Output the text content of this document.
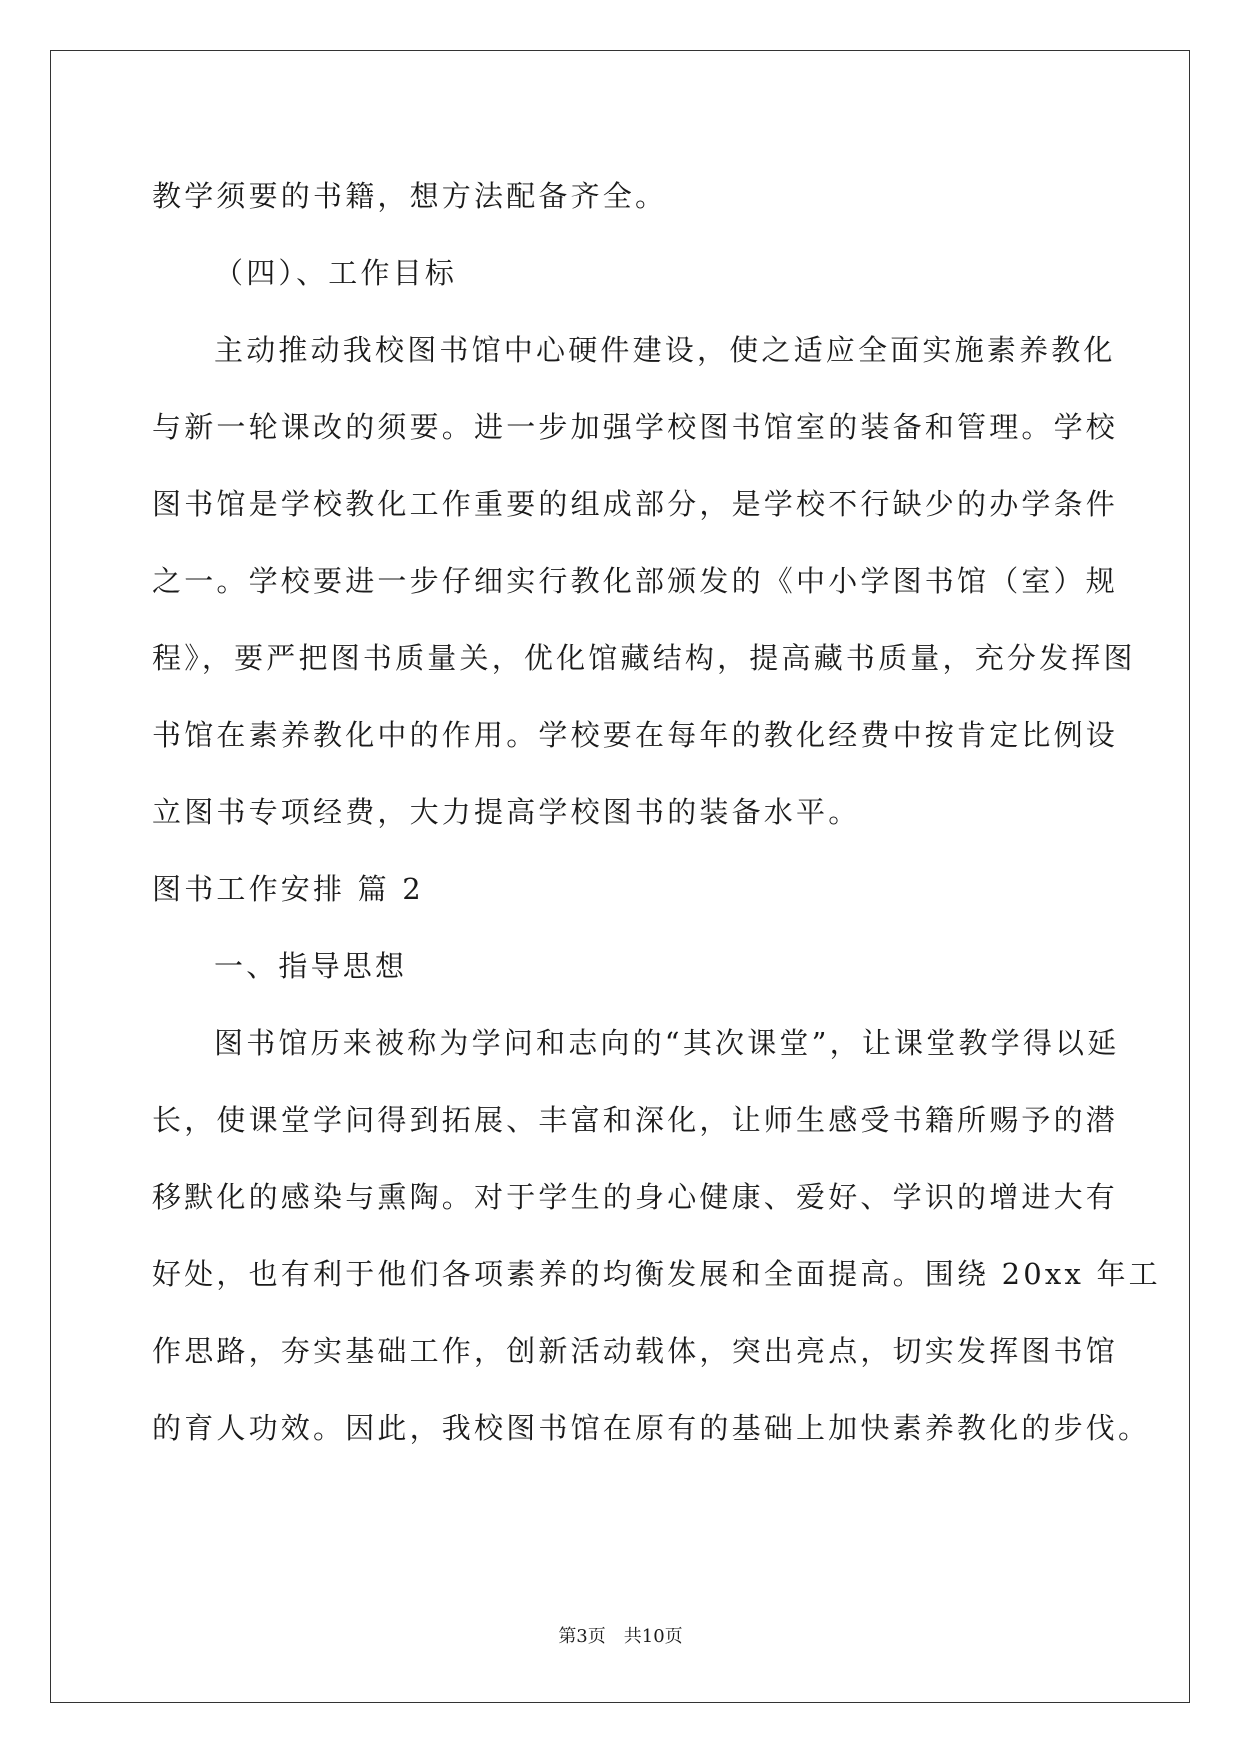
教学须要的书籍，想方法配备齐全。
（四）、工作目标
主动推动我校图书馆中心硬件建设，使之适应全面实施素养教化
与新一轮课改的须要。进一步加强学校图书馆室的装备和管理。学校
图书馆是学校教化工作重要的组成部分，是学校不行缺少的办学条件
之一。学校要进一步仔细实行教化部颁发的《中小学图书馆（室）规
程》，要严把图书质量关，优化馆藏结构，提高藏书质量，充分发挥图
书馆在素养教化中的作用。学校要在每年的教化经费中按肯定比例设
立图书专项经费，大力提高学校图书的装备水平。
图书工作安排 篇 2
一、指导思想
图书馆历来被称为学问和志向的“其次课堂”，让课堂教学得以延
长，使课堂学问得到拓展、丰富和深化，让师生感受书籍所赐予的潜
移默化的感染与熏陶。对于学生的身心健康、爱好、学识的增进大有
好处，也有利于他们各项素养的均衡发展和全面提高。围绕 20xx 年工
作思路，夯实基础工作，创新活动载体，突出亮点，切实发挥图书馆
的育人功效。因此，我校图书馆在原有的基础上加快素养教化的步伐。
第3页　共10页
